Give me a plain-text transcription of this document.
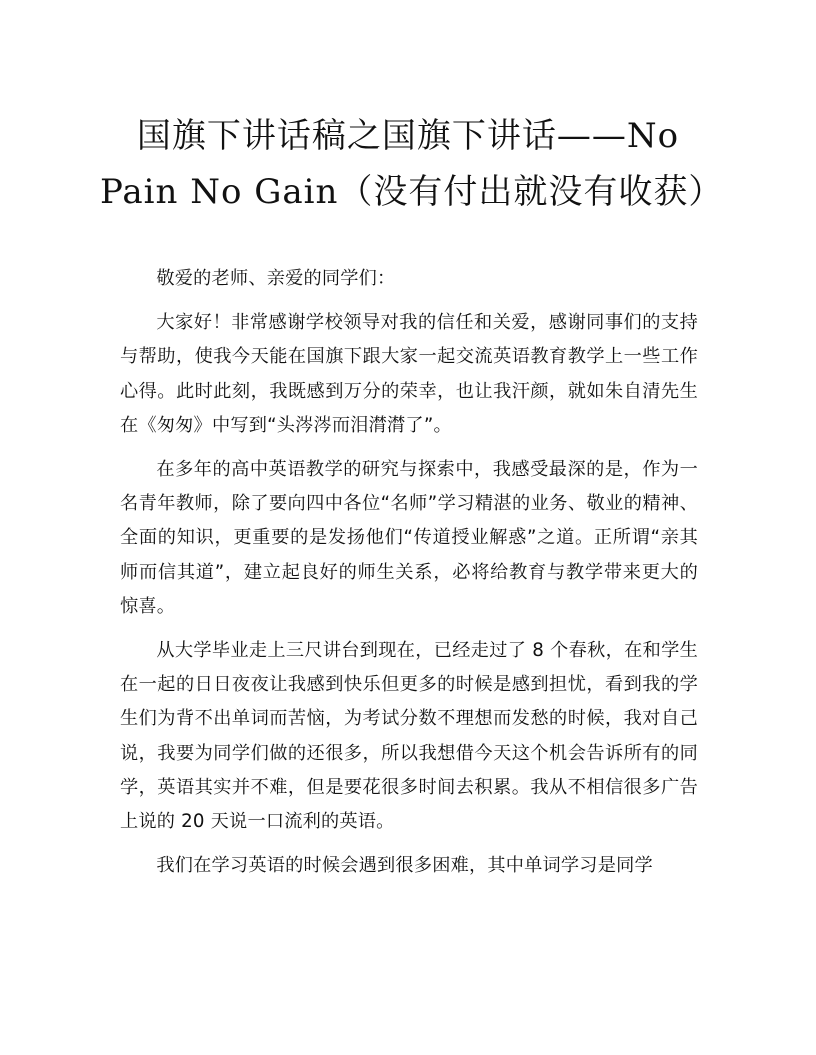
国旗下讲话稿之国旗下讲话——No Pain No Gain（没有付出就没有收获）

敬爱的老师、亲爱的同学们：

大家好！非常感谢学校领导对我的信任和关爱，感谢同事们的支持与帮助，使我今天能在国旗下跟大家一起交流英语教育教学上一些工作心得。此时此刻，我既感到万分的荣幸，也让我汗颜，就如朱自清先生在《匆匆》中写到“头涔涔而泪潸潸了”。

在多年的高中英语教学的研究与探索中，我感受最深的是，作为一名青年教师，除了要向四中各位“名师”学习精湛的业务、敬业的精神、全面的知识，更重要的是发扬他们“传道授业解惑”之道。正所谓“亲其师而信其道”，建立起良好的师生关系，必将给教育与教学带来更大的惊喜。

从大学毕业走上三尺讲台到现在，已经走过了 8 个春秋，在和学生在一起的日日夜夜让我感到快乐但更多的时候是感到担忧，看到我的学生们为背不出单词而苦恼，为考试分数不理想而发愁的时候，我对自己说，我要为同学们做的还很多，所以我想借今天这个机会告诉所有的同学，英语其实并不难，但是要花很多时间去积累。我从不相信很多广告上说的 20 天说一口流利的英语。

我们在学习英语的时候会遇到很多困难，其中单词学习是同学
